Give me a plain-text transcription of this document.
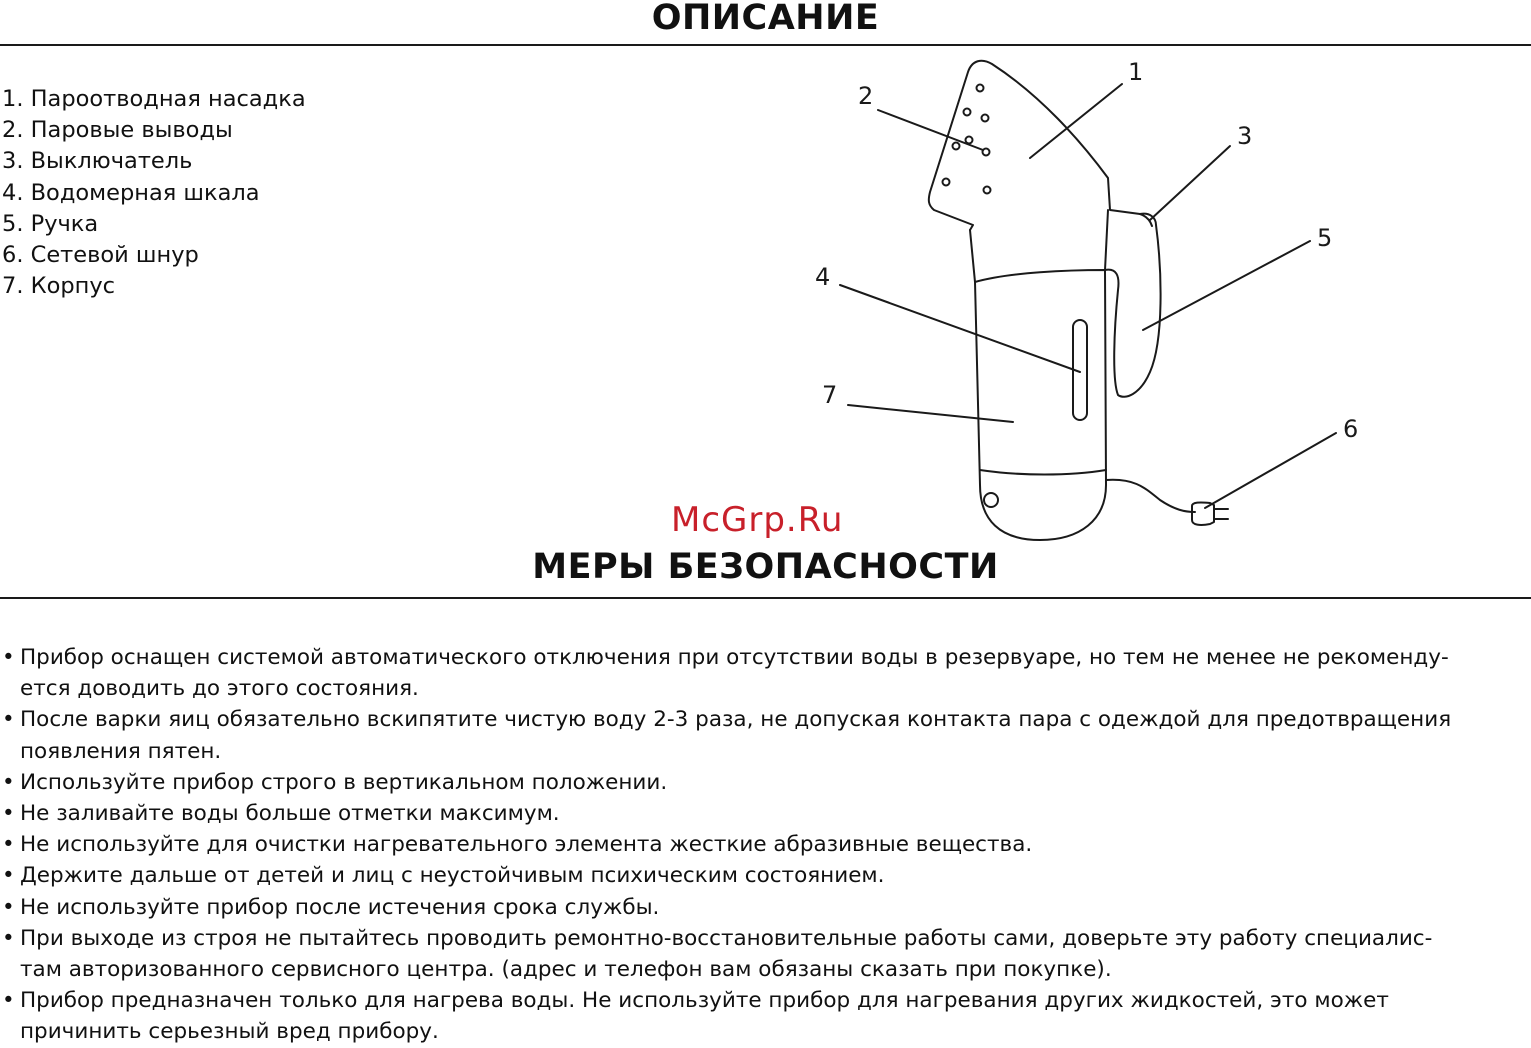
ОПИСАНИЕ
1. Пароотводная насадка
2. Паровые выводы
3. Выключатель
4. Водомерная шкала
5. Ручка
6. Сетевой шнур
7. Корпус
1
2
3
4
5
6
7
McGrp.Ru
МЕРЫ БЕЗОПАСНОСТИ
• Прибор оснащен системой автоматического отключения при отсутствии воды в резервуаре, но тем не менее не рекоменду-
ется доводить до этого состояния.
• После варки яиц обязательно вскипятите чистую воду 2-3 раза, не допуская контакта пара с одеждой для предотвращения
появления пятен.
• Используйте прибор строго в вертикальном положении.
• Не заливайте воды больше отметки максимум.
• Не используйте для очистки нагревательного элемента жесткие абразивные вещества.
• Держите дальше от детей и лиц с неустойчивым психическим состоянием.
• Не используйте прибор после истечения срока службы.
• При выходе из строя не пытайтесь проводить ремонтно-восстановительные работы сами, доверьте эту работу специалис-
там авторизованного сервисного центра. (адрес и телефон вам обязаны сказать при покупке).
• Прибор предназначен только для нагрева воды. Не используйте прибор для нагревания других жидкостей, это может
причинить серьезный вред прибору.
